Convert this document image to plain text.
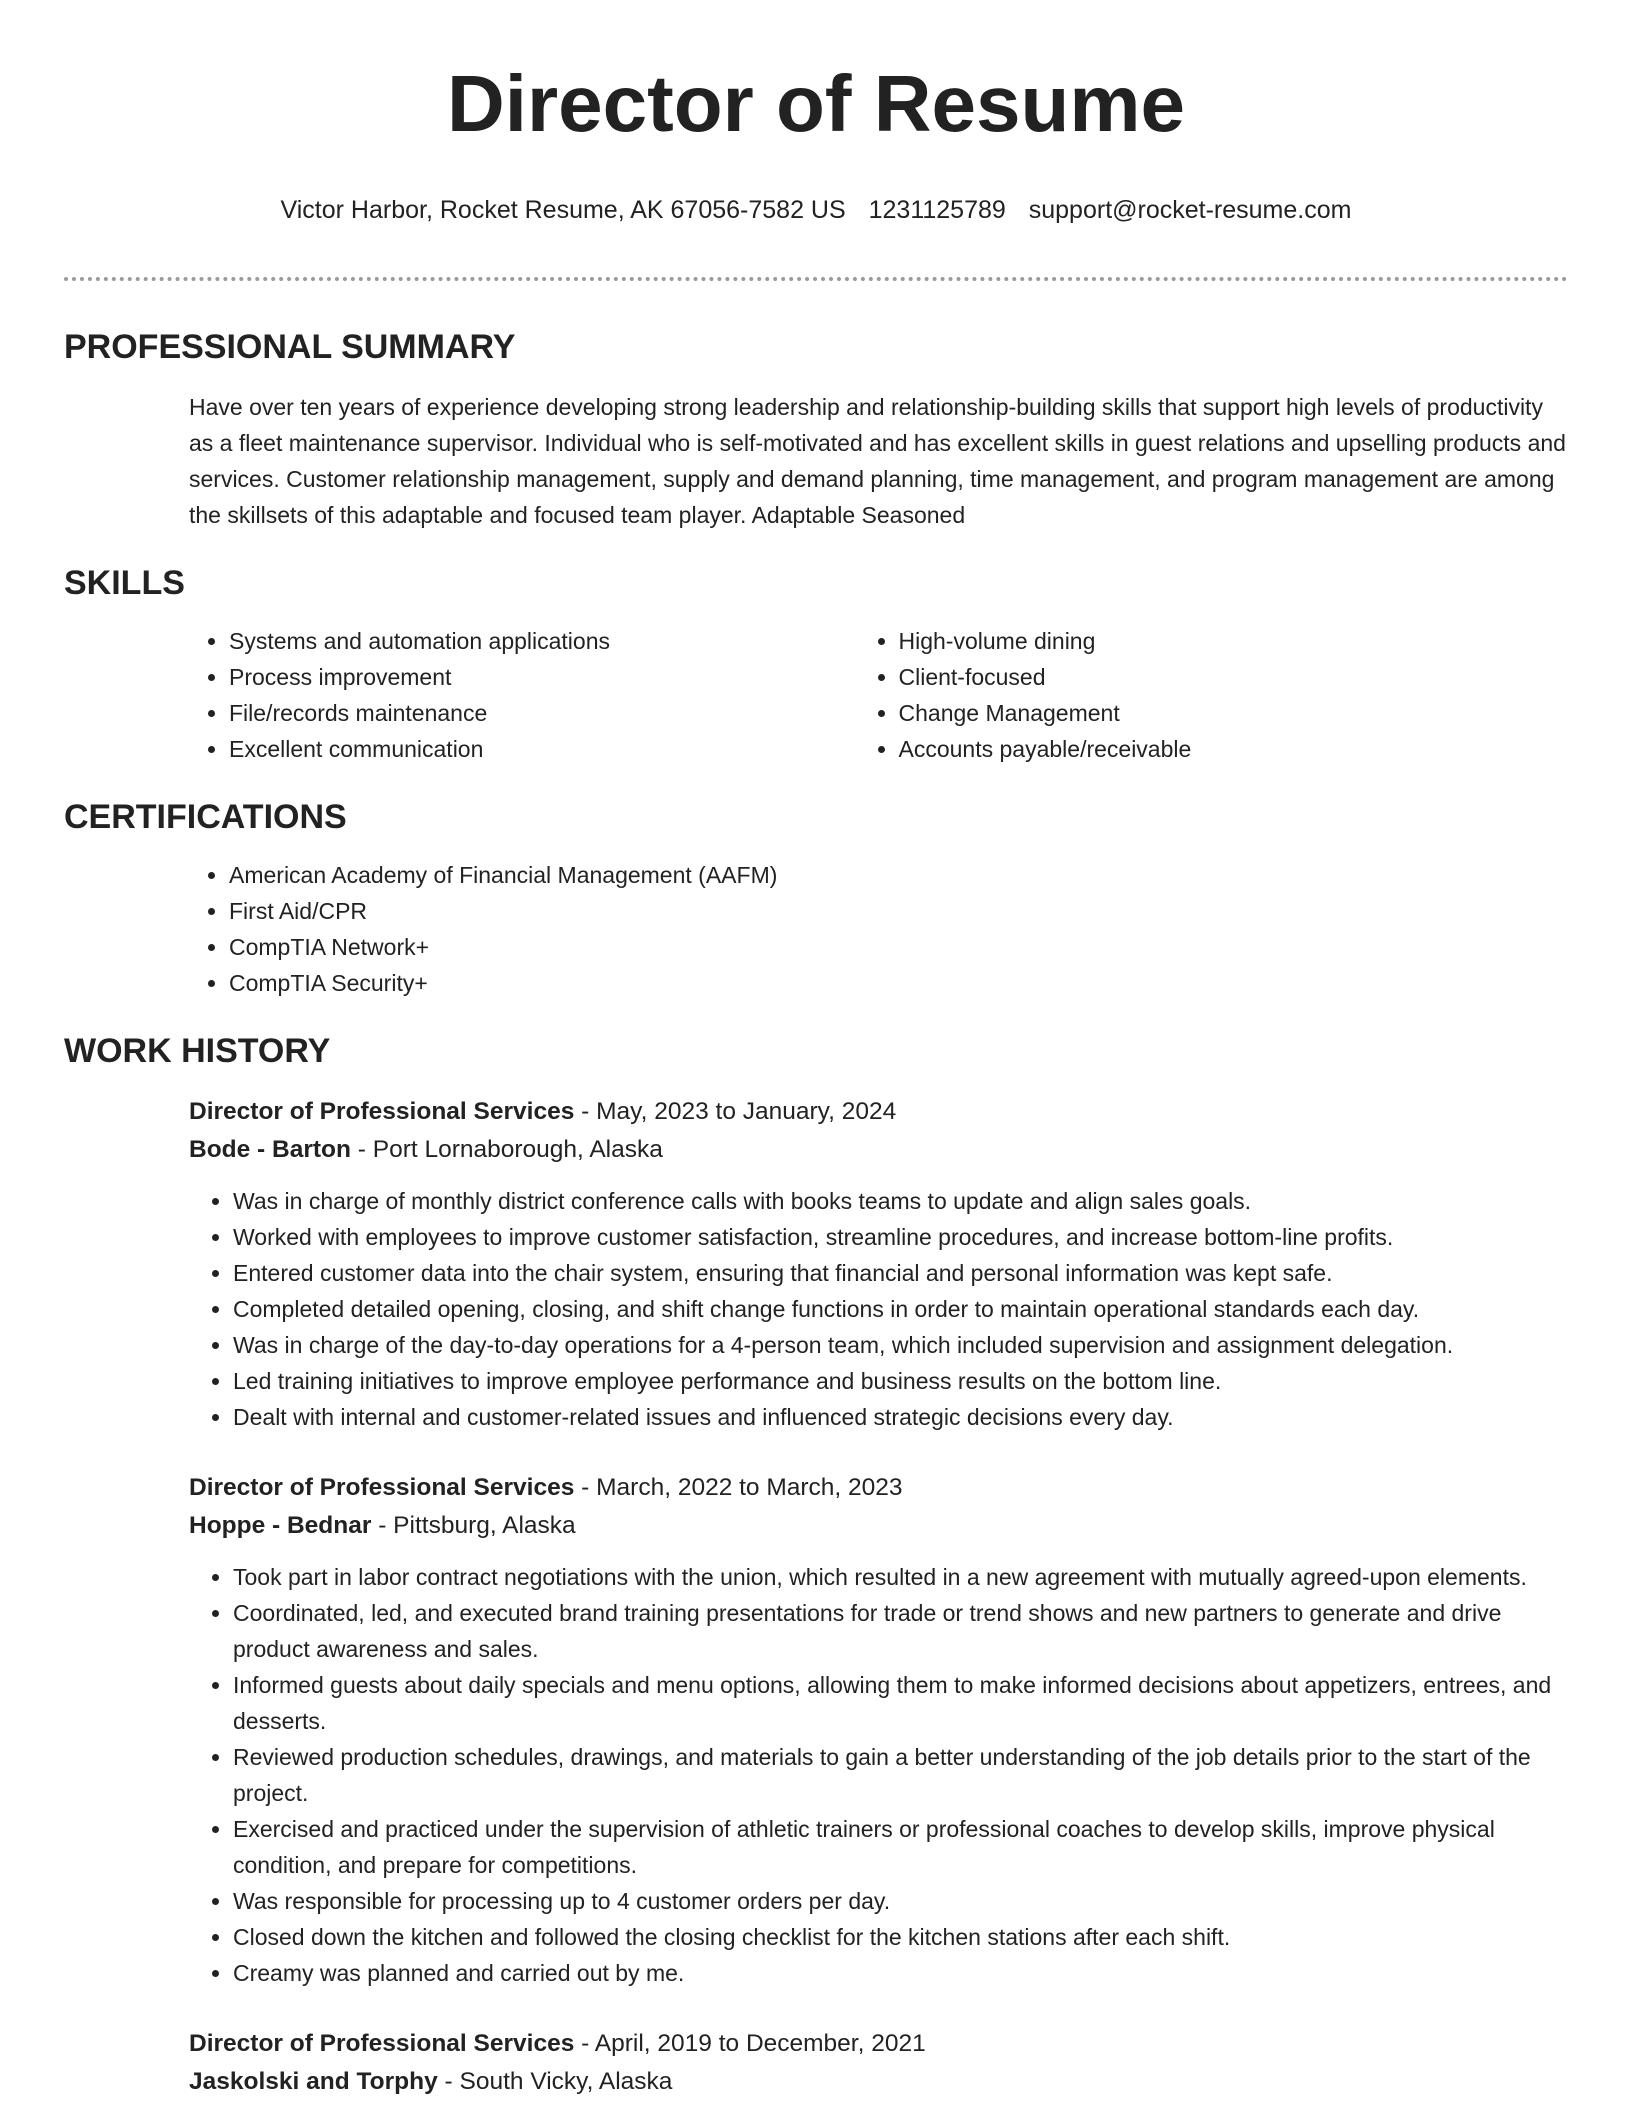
Director of Resume
Victor Harbor, Rocket Resume, AK 67056-7582 US 1231125789 support@rocket-resume.com
PROFESSIONAL SUMMARY

Have over ten years of experience developing strong leadership and relationship-building skills that support high levels of productivity as a fleet maintenance supervisor. Individual who is self-motivated and has excellent skills in guest relations and upselling products and services. Customer relationship management, supply and demand planning, time management, and program management are among the skillsets of this adaptable and focused team player. Adaptable Seasoned

SKILLS
• Systems and automation applications
• Process improvement
• File/records maintenance
• Excellent communication
• High-volume dining
• Client-focused
• Change Management
• Accounts payable/receivable
CERTIFICATIONS
• American Academy of Financial Management (AAFM)
• First Aid/CPR
• CompTIA Network+
• CompTIA Security+
WORK HISTORY
Director of Professional Services - May, 2023 to January, 2024
Bode - Barton - Port Lornaborough, Alaska
• Was in charge of monthly district conference calls with books teams to update and align sales goals.
• Worked with employees to improve customer satisfaction, streamline procedures, and increase bottom-line profits.
• Entered customer data into the chair system, ensuring that financial and personal information was kept safe.
• Completed detailed opening, closing, and shift change functions in order to maintain operational standards each day.
• Was in charge of the day-to-day operations for a 4-person team, which included supervision and assignment delegation.
• Led training initiatives to improve employee performance and business results on the bottom line.
• Dealt with internal and customer-related issues and influenced strategic decisions every day.
Director of Professional Services - March, 2022 to March, 2023
Hoppe - Bednar - Pittsburg, Alaska
• Took part in labor contract negotiations with the union, which resulted in a new agreement with mutually agreed-upon elements.
• Coordinated, led, and executed brand training presentations for trade or trend shows and new partners to generate and drive product awareness and sales.
• Informed guests about daily specials and menu options, allowing them to make informed decisions about appetizers, entrees, and desserts.
• Reviewed production schedules, drawings, and materials to gain a better understanding of the job details prior to the start of the project.
• Exercised and practiced under the supervision of athletic trainers or professional coaches to develop skills, improve physical condition, and prepare for competitions.
• Was responsible for processing up to 4 customer orders per day.
• Closed down the kitchen and followed the closing checklist for the kitchen stations after each shift.
• Creamy was planned and carried out by me.
Director of Professional Services - April, 2019 to December, 2021
Jaskolski and Torphy - South Vicky, Alaska
